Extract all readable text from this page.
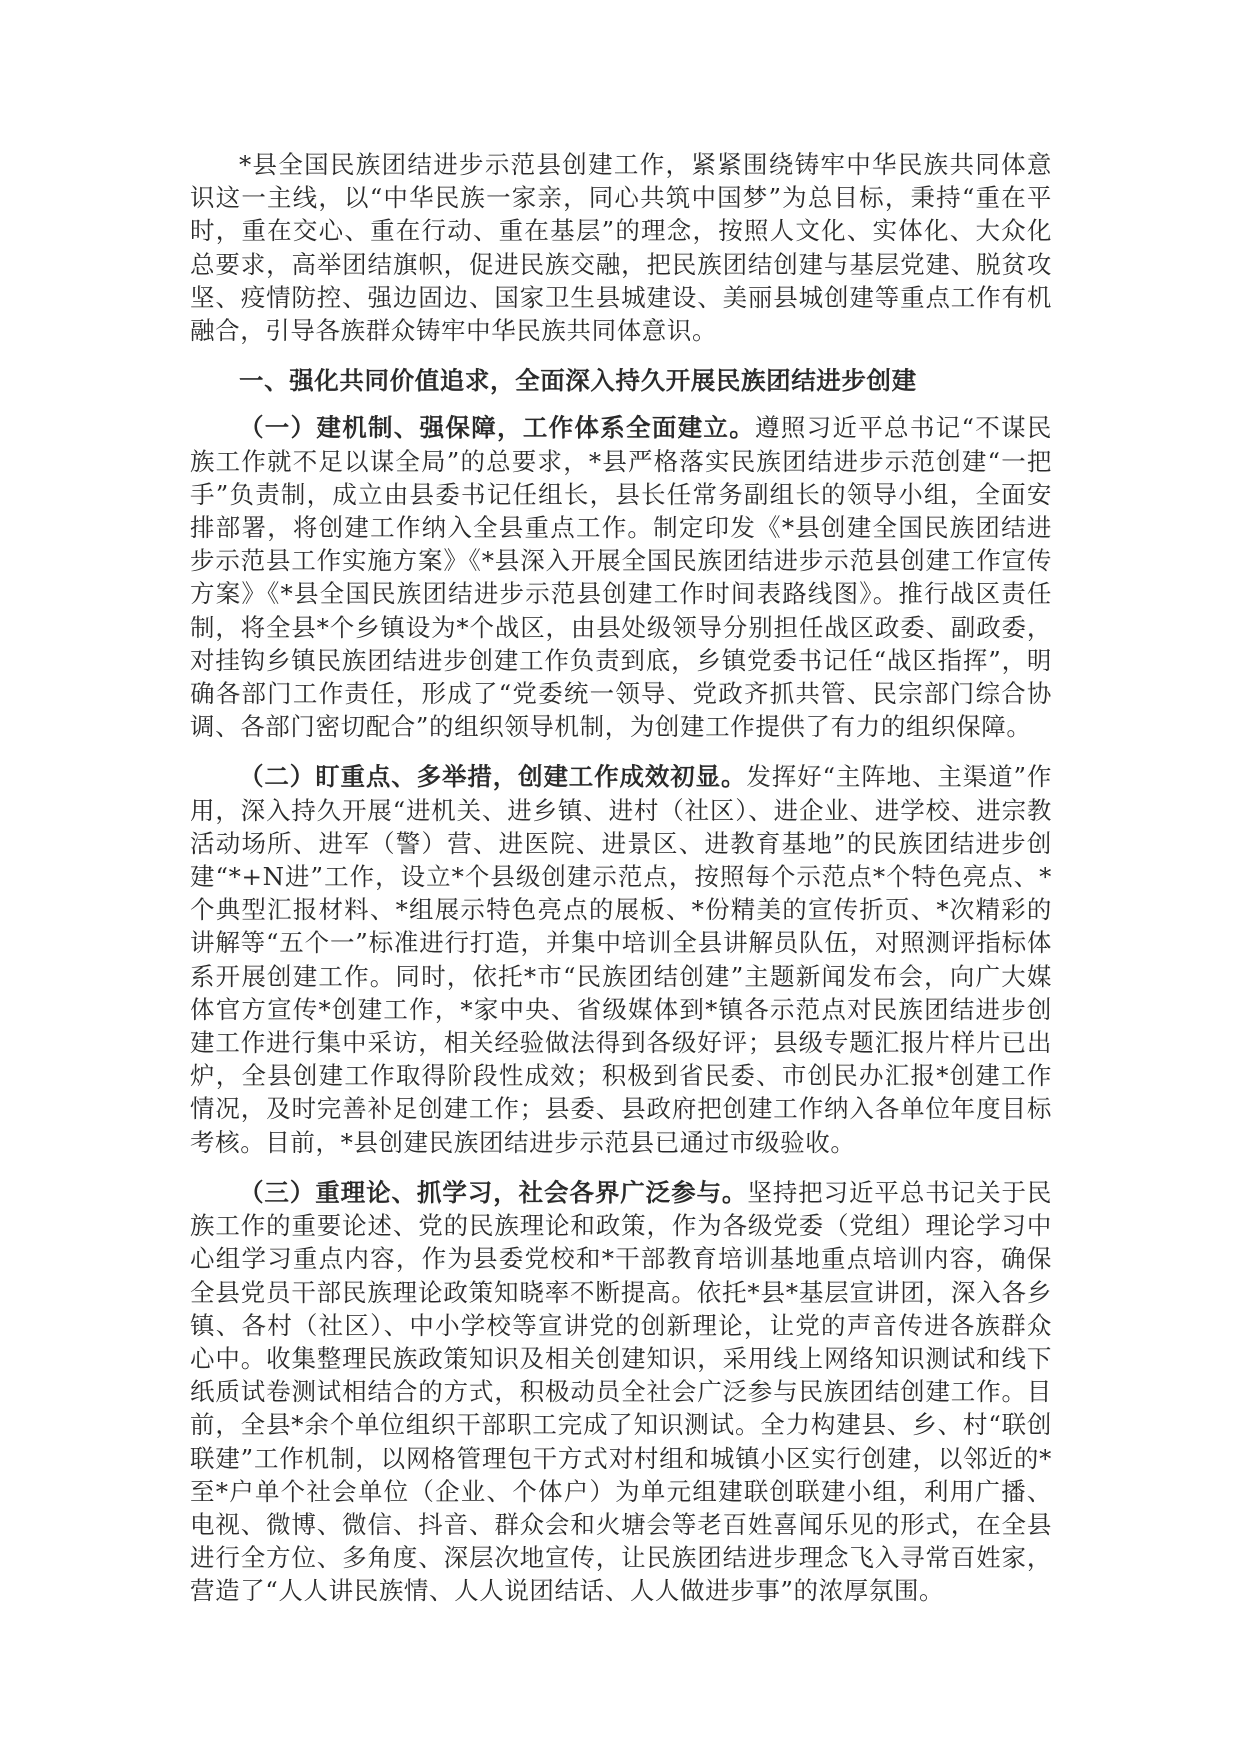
*县全国民族团结进步示范县创建工作，紧紧围绕铸牢中华民族共同体意识这一主线，以“中华民族一家亲，同心共筑中国梦”为总目标，秉持“重在平时，重在交心、重在行动、重在基层”的理念，按照人文化、实体化、大众化总要求，高举团结旗帜，促进民族交融，把民族团结创建与基层党建、脱贫攻坚、疫情防控、强边固边、国家卫生县城建设、美丽县城创建等重点工作有机融合，引导各族群众铸牢中华民族共同体意识。

一、强化共同价值追求，全面深入持久开展民族团结进步创建

（一）建机制、强保障，工作体系全面建立。遵照习近平总书记“不谋民族工作就不足以谋全局”的总要求，*县严格落实民族团结进步示范创建“一把手”负责制，成立由县委书记任组长，县长任常务副组长的领导小组，全面安排部署，将创建工作纳入全县重点工作。制定印发《*县创建全国民族团结进步示范县工作实施方案》《*县深入开展全国民族团结进步示范县创建工作宣传方案》《*县全国民族团结进步示范县创建工作时间表路线图》。推行战区责任制，将全县*个乡镇设为*个战区，由县处级领导分别担任战区政委、副政委，对挂钩乡镇民族团结进步创建工作负责到底，乡镇党委书记任“战区指挥”，明确各部门工作责任，形成了“党委统一领导、党政齐抓共管、民宗部门综合协调、各部门密切配合”的组织领导机制，为创建工作提供了有力的组织保障。

（二）盯重点、多举措，创建工作成效初显。发挥好“主阵地、主渠道”作用，深入持久开展“进机关、进乡镇、进村（社区）、进企业、进学校、进宗教活动场所、进军（警）营、进医院、进景区、进教育基地”的民族团结进步创建“*+N进”工作，设立*个县级创建示范点，按照每个示范点*个特色亮点、*个典型汇报材料、*组展示特色亮点的展板、*份精美的宣传折页、*次精彩的讲解等“五个一”标准进行打造，并集中培训全县讲解员队伍，对照测评指标体系开展创建工作。同时，依托*市“民族团结创建”主题新闻发布会，向广大媒体官方宣传*创建工作，*家中央、省级媒体到*镇各示范点对民族团结进步创建工作进行集中采访，相关经验做法得到各级好评；县级专题汇报片样片已出炉，全县创建工作取得阶段性成效；积极到省民委、市创民办汇报*创建工作情况，及时完善补足创建工作；县委、县政府把创建工作纳入各单位年度目标考核。目前，*县创建民族团结进步示范县已通过市级验收。

（三）重理论、抓学习，社会各界广泛参与。坚持把习近平总书记关于民族工作的重要论述、党的民族理论和政策，作为各级党委（党组）理论学习中心组学习重点内容，作为县委党校和*干部教育培训基地重点培训内容，确保全县党员干部民族理论政策知晓率不断提高。依托*县*基层宣讲团，深入各乡镇、各村（社区）、中小学校等宣讲党的创新理论，让党的声音传进各族群众心中。收集整理民族政策知识及相关创建知识，采用线上网络知识测试和线下纸质试卷测试相结合的方式，积极动员全社会广泛参与民族团结创建工作。目前，全县*余个单位组织干部职工完成了知识测试。全力构建县、乡、村“联创联建”工作机制，以网格管理包干方式对村组和城镇小区实行创建，以邻近的*至*户单个社会单位（企业、个体户）为单元组建联创联建小组，利用广播、电视、微博、微信、抖音、群众会和火塘会等老百姓喜闻乐见的形式，在全县进行全方位、多角度、深层次地宣传，让民族团结进步理念飞入寻常百姓家，营造了“人人讲民族情、人人说团结话、人人做进步事”的浓厚氛围。
